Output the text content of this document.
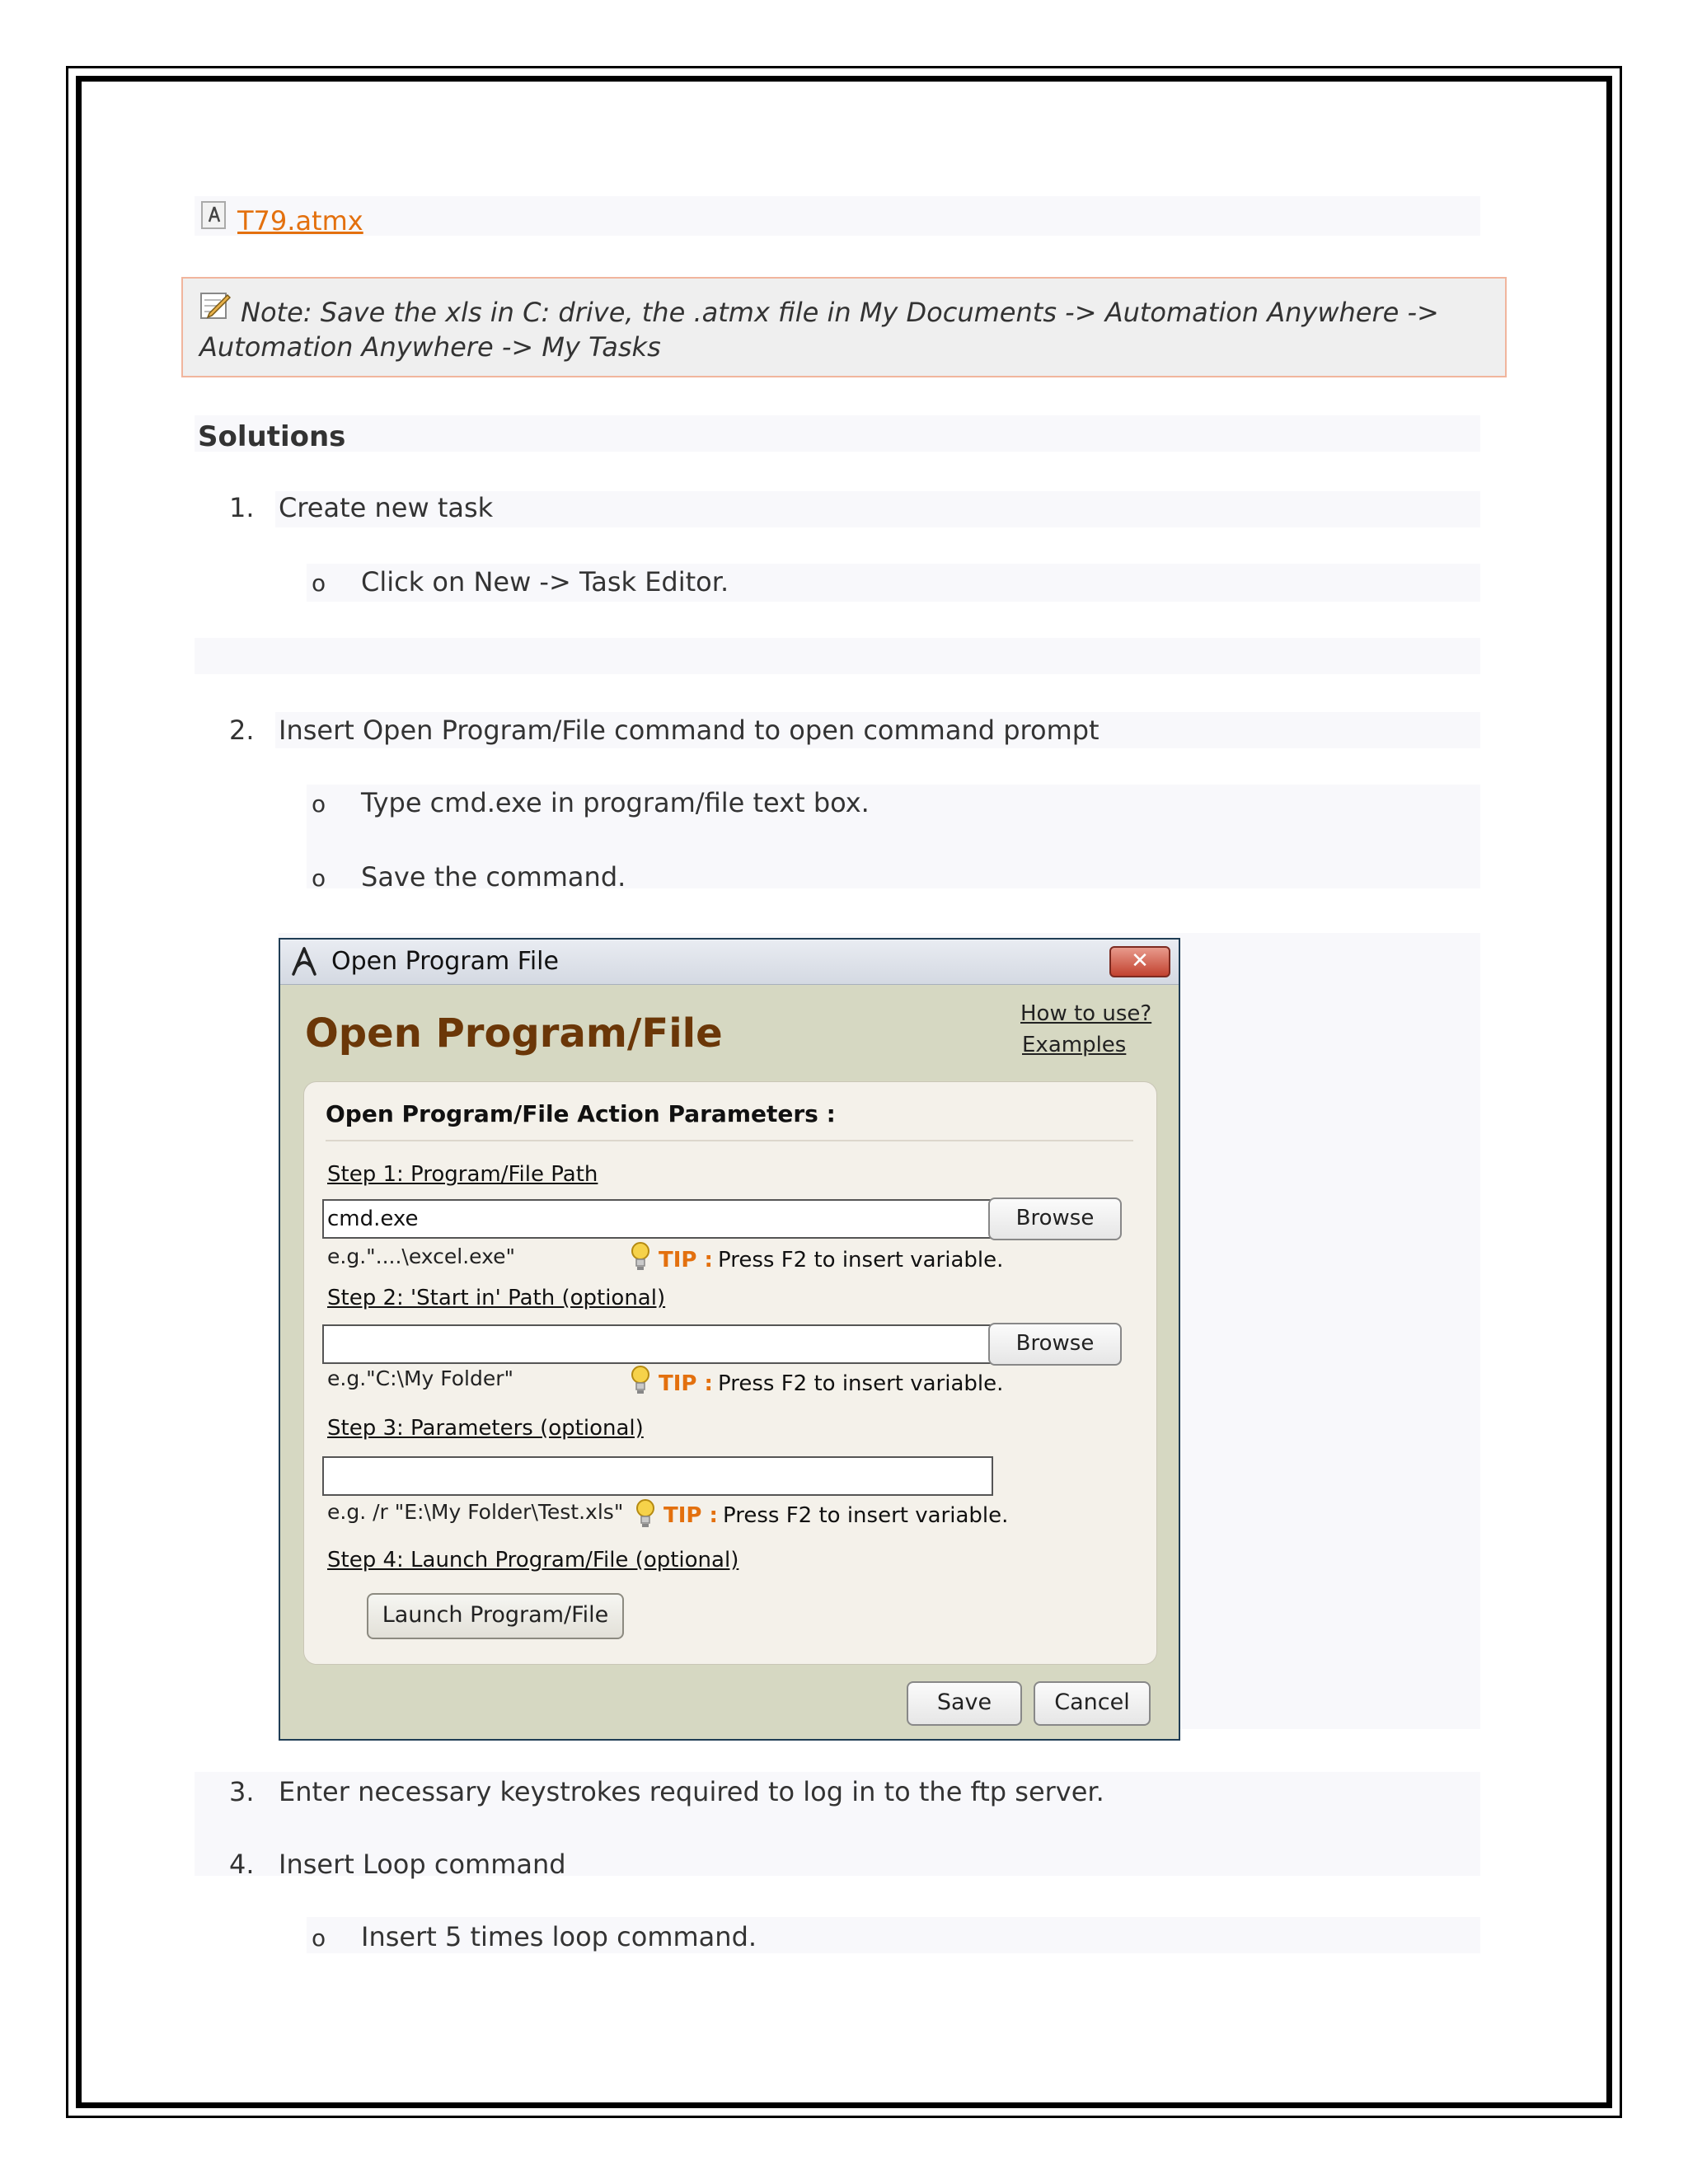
T79.atmx
Note: Save the xls in C: drive, the .atmx file in My Documents -> Automation Anywhere -> Automation Anywhere -> My Tasks
Solutions
1. Create new task
o Click on New -> Task Editor.
2. Insert Open Program/File command to open command prompt
o Type cmd.exe in program/file text box.
o Save the command.
Open Program File	✕
Open Program/File	How to use?
Examples
Open Program/File Action Parameters :
Step 1: Program/File Path
cmd.exe	Browse
e.g."....\excel.exe"	TIP : Press F2 to insert variable.
Step 2: 'Start in' Path (optional)
Browse
e.g."C:\My Folder"	TIP : Press F2 to insert variable.
Step 3: Parameters (optional)
e.g. /r "E:\My Folder\Test.xls" TIP : Press F2 to insert variable.
Step 4: Launch Program/File (optional)
Launch Program/File
Save	Cancel
3. Enter necessary keystrokes required to log in to the ftp server.
4. Insert Loop command
o Insert 5 times loop command.
